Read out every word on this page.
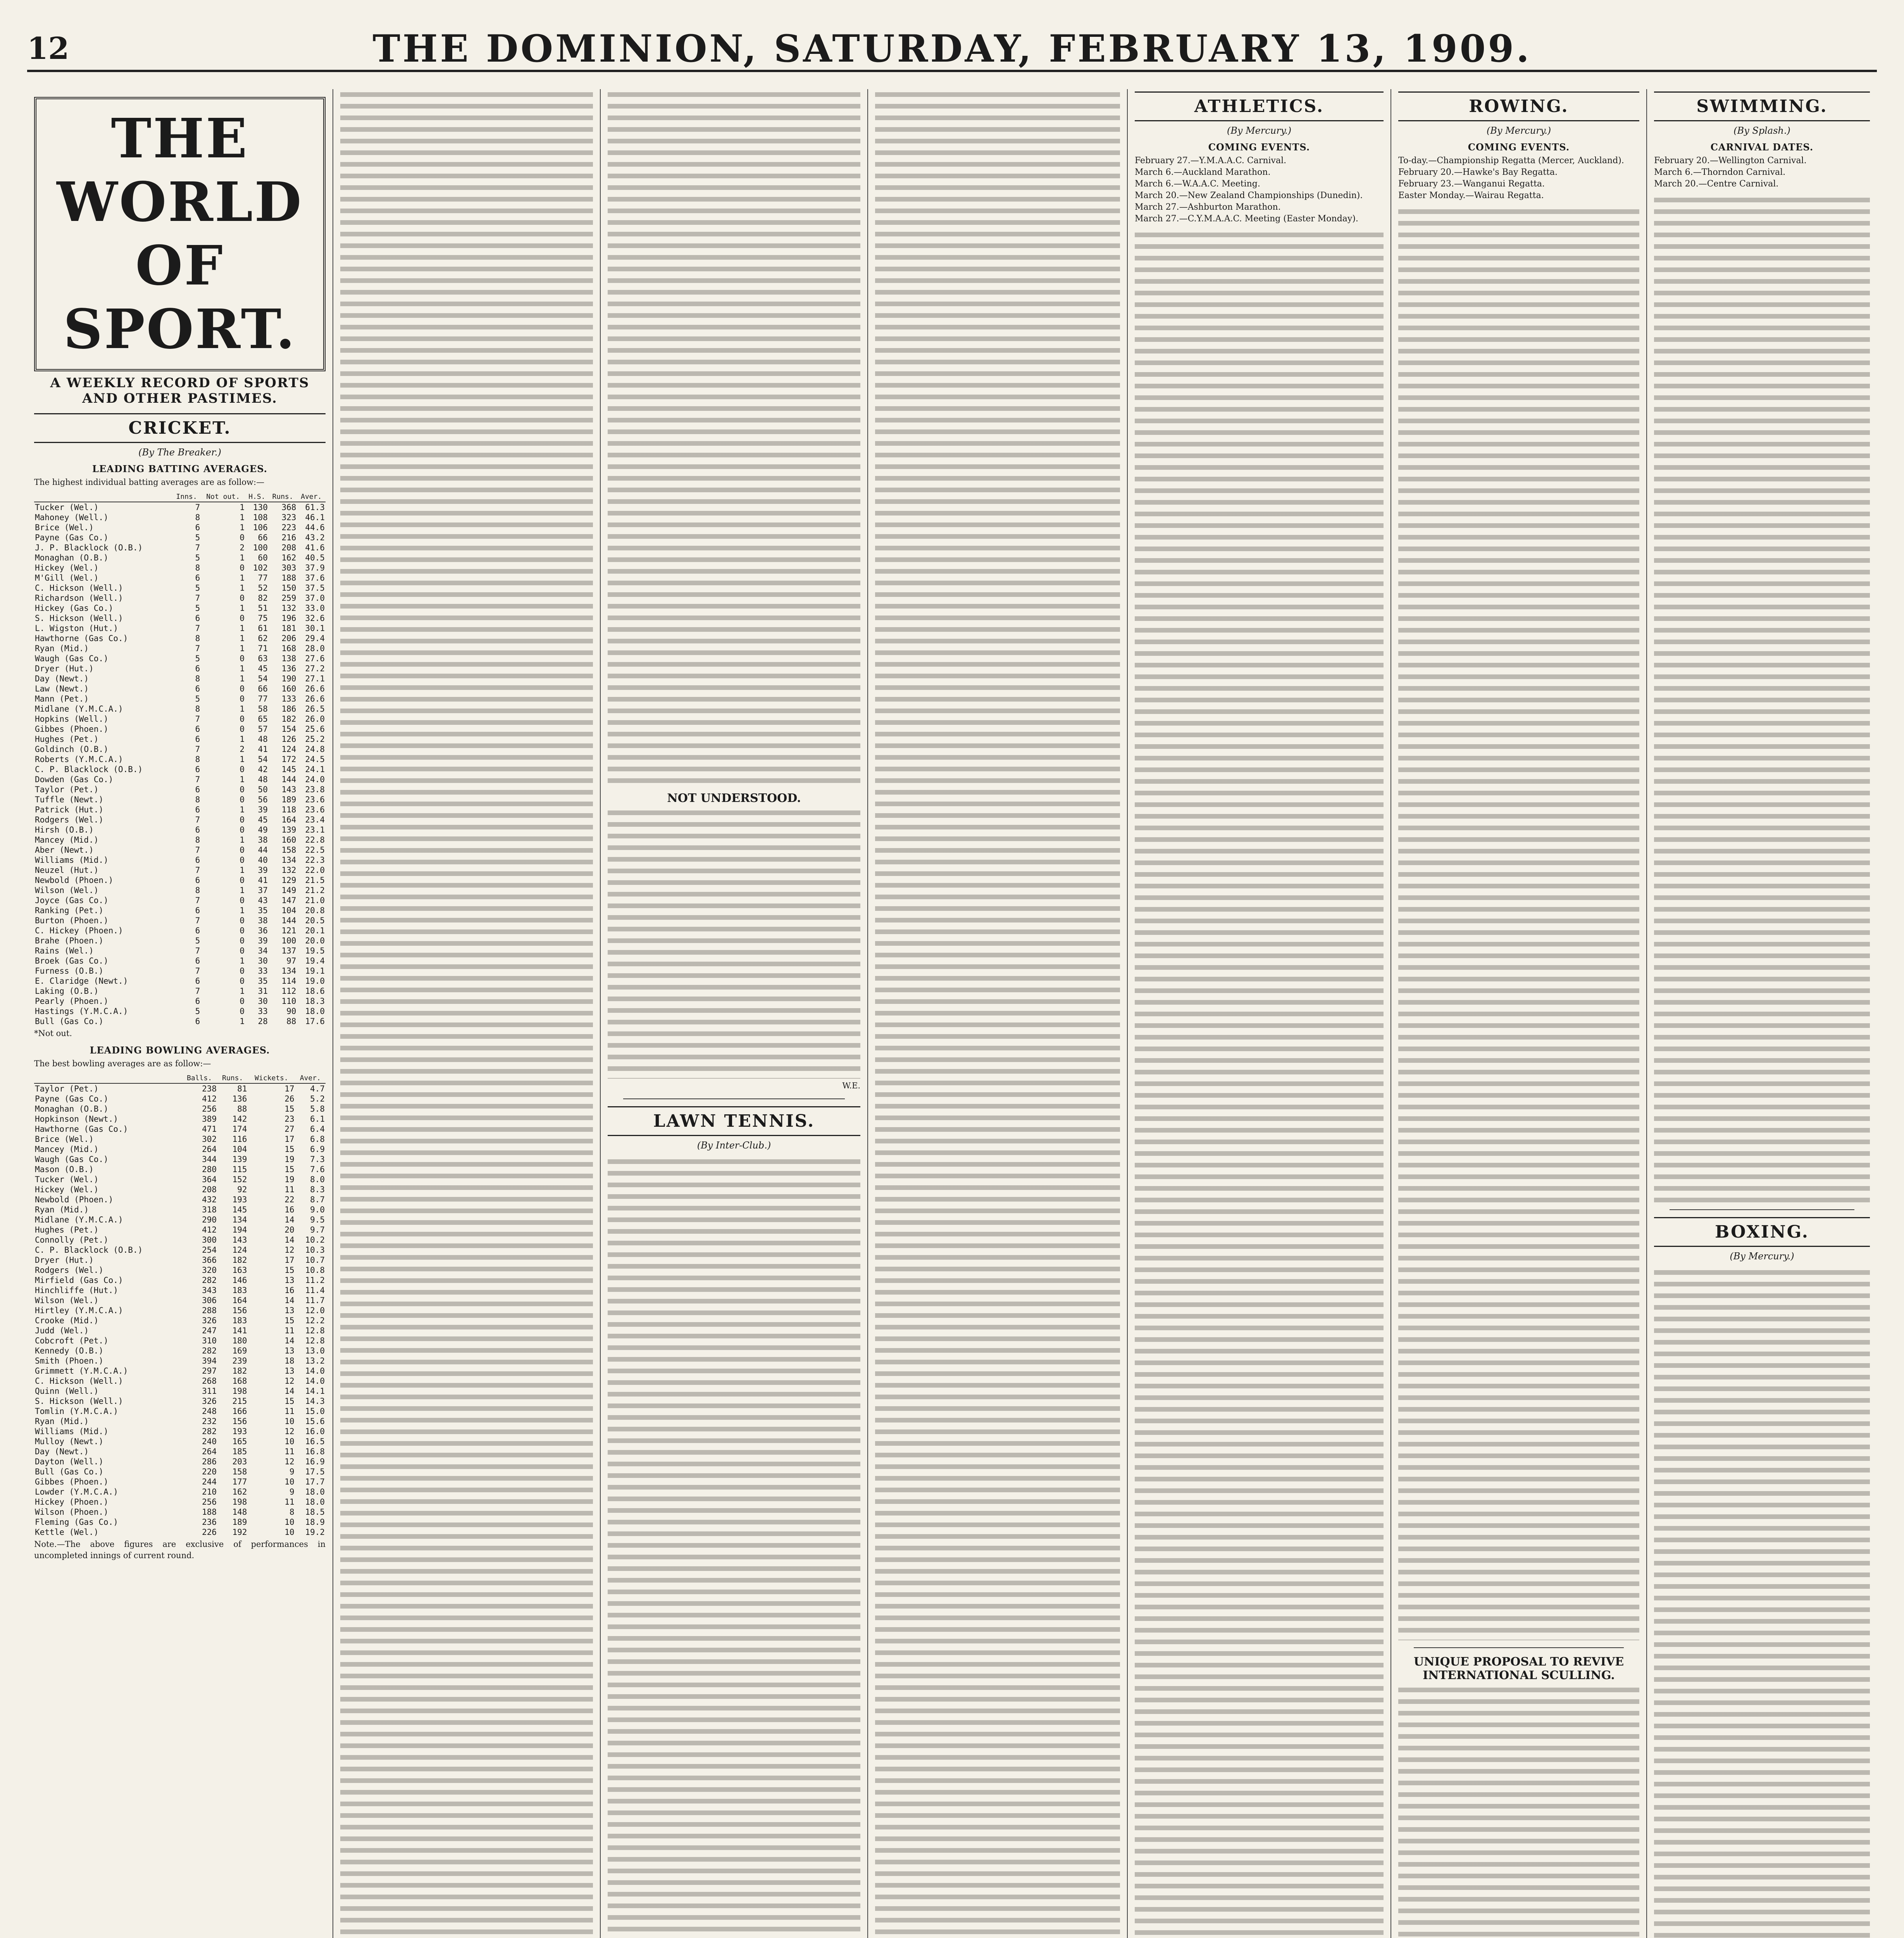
12	THE DOMINION, SATURDAY, FEBRUARY 13, 1909.
THE WORLD OF SPORT.
A WEEKLY RECORD OF SPORTS AND OTHER PASTIMES.
CRICKET.
(By The Breaker.)
LEADING BATTING AVERAGES.
The highest individual batting averages are as follow:—
	Inns.	Not out.	H.S.	Runs.	Aver.
Tucker (Wel.)	7	1	130	368	61.3
Mahoney (Well.)	8	1	108	323	46.1
Brice (Wel.)	6	1	106	223	44.6
Payne (Gas Co.)	5	0	66	216	43.2
J. P. Blacklock (O.B.)	7	2	100	208	41.6
Monaghan (O.B.)	5	1	60	162	40.5
Hickey (Wel.)	8	0	102	303	37.9
M'Gill (Wel.)	6	1	77	188	37.6
C. Hickson (Well.)	5	1	52	150	37.5
Richardson (Well.)	7	0	82	259	37.0
Hickey (Gas Co.)	5	1	51	132	33.0
S. Hickson (Well.)	6	0	75	196	32.6
L. Wigston (Hut.)	7	1	61	181	30.1
Hawthorne (Gas Co.)	8	1	62	206	29.4
Ryan (Mid.)	7	1	71	168	28.0
Waugh (Gas Co.)	5	0	63	138	27.6
Dryer (Hut.)	6	1	45	136	27.2
Day (Newt.)	8	1	54	190	27.1
Law (Newt.)	6	0	66	160	26.6
Mann (Pet.)	5	0	77	133	26.6
Midlane (Y.M.C.A.)	8	1	58	186	26.5
Hopkins (Well.)	7	0	65	182	26.0
Gibbes (Phoen.)	6	0	57	154	25.6
Hughes (Pet.)	6	1	48	126	25.2
Goldinch (O.B.)	7	2	41	124	24.8
Roberts (Y.M.C.A.)	8	1	54	172	24.5
C. P. Blacklock (O.B.)	6	0	42	145	24.1
Dowden (Gas Co.)	7	1	48	144	24.0
Taylor (Pet.)	6	0	50	143	23.8
Tuffle (Newt.)	8	0	56	189	23.6
Patrick (Hut.)	6	1	39	118	23.6
Rodgers (Wel.)	7	0	45	164	23.4
Hirsh (O.B.)	6	0	49	139	23.1
Mancey (Mid.)	8	1	38	160	22.8
Aber (Newt.)	7	0	44	158	22.5
Williams (Mid.)	6	0	40	134	22.3
Neuzel (Hut.)	7	1	39	132	22.0
Newbold (Phoen.)	6	0	41	129	21.5
Wilson (Wel.)	8	1	37	149	21.2
Joyce (Gas Co.)	7	0	43	147	21.0
Ranking (Pet.)	6	1	35	104	20.8
Burton (Phoen.)	7	0	38	144	20.5
C. Hickey (Phoen.)	6	0	36	121	20.1
Brahe (Phoen.)	5	0	39	100	20.0
Rains (Wel.)	7	0	34	137	19.5
Broek (Gas Co.)	6	1	30	97	19.4
Furness (O.B.)	7	0	33	134	19.1
E. Claridge (Newt.)	6	0	35	114	19.0
Laking (O.B.)	7	1	31	112	18.6
Pearly (Phoen.)	6	0	30	110	18.3
Hastings (Y.M.C.A.)	5	0	33	90	18.0
Bull (Gas Co.)	6	1	28	88	17.6
*Not out.
LEADING BOWLING AVERAGES.
The best bowling averages are as follow:—
	Balls.	Runs.	Wickets.	Aver.
Taylor (Pet.)	238	81	17	4.7
Payne (Gas Co.)	412	136	26	5.2
Monaghan (O.B.)	256	88	15	5.8
Hopkinson (Newt.)	389	142	23	6.1
Hawthorne (Gas Co.)	471	174	27	6.4
Brice (Wel.)	302	116	17	6.8
Mancey (Mid.)	264	104	15	6.9
Waugh (Gas Co.)	344	139	19	7.3
Mason (O.B.)	280	115	15	7.6
Tucker (Wel.)	364	152	19	8.0
Hickey (Wel.)	208	92	11	8.3
Newbold (Phoen.)	432	193	22	8.7
Ryan (Mid.)	318	145	16	9.0
Midlane (Y.M.C.A.)	290	134	14	9.5
Hughes (Pet.)	412	194	20	9.7
Connolly (Pet.)	300	143	14	10.2
C. P. Blacklock (O.B.)	254	124	12	10.3
Dryer (Hut.)	366	182	17	10.7
Rodgers (Wel.)	320	163	15	10.8
Mirfield (Gas Co.)	282	146	13	11.2
Hinchliffe (Hut.)	343	183	16	11.4
Wilson (Wel.)	306	164	14	11.7
Hirtley (Y.M.C.A.)	288	156	13	12.0
Crooke (Mid.)	326	183	15	12.2
Judd (Wel.)	247	141	11	12.8
Cobcroft (Pet.)	310	180	14	12.8
Kennedy (O.B.)	282	169	13	13.0
Smith (Phoen.)	394	239	18	13.2
Grimmett (Y.M.C.A.)	297	182	13	14.0
C. Hickson (Well.)	268	168	12	14.0
Quinn (Well.)	311	198	14	14.1
S. Hickson (Well.)	326	215	15	14.3
Tomlin (Y.M.C.A.)	248	166	11	15.0
Ryan (Mid.)	232	156	10	15.6
Williams (Mid.)	282	193	12	16.0
Mulloy (Newt.)	240	165	10	16.5
Day (Newt.)	264	185	11	16.8
Dayton (Well.)	286	203	12	16.9
Bull (Gas Co.)	220	158	9	17.5
Gibbes (Phoen.)	244	177	10	17.7
Lowder (Y.M.C.A.)	210	162	9	18.0
Hickey (Phoen.)	256	198	11	18.0
Wilson (Phoen.)	188	148	8	18.5
Fleming (Gas Co.)	236	189	10	18.9
Kettle (Wel.)	226	192	10	19.2
Note.—The above figures are exclusive of performances in uncompleted innings of current round.
NOT UNDERSTOOD.
W.E.
LAWN TENNIS.
(By Inter-Club.)
ATHLETICS.
(By Mercury.)
COMING EVENTS.
February 27.—Y.M.A.A.C. Carnival.
March 6.—Auckland Marathon.
March 6.—W.A.A.C. Meeting.
March 20.—New Zealand Championships (Dunedin).
March 27.—Ashburton Marathon.
March 27.—C.Y.M.A.A.C. Meeting (Easter Monday).
ROWING.
(By Mercury.)
COMING EVENTS.
To-day.—Championship Regatta (Mercer, Auckland).
February 20.—Hawke's Bay Regatta.
February 23.—Wanganui Regatta.
Easter Monday.—Wairau Regatta.
UNIQUE PROPOSAL TO REVIVE INTERNATIONAL SCULLING.
SWIMMING.
(By Splash.)
CARNIVAL DATES.
February 20.—Wellington Carnival.
March 6.—Thorndon Carnival.
March 20.—Centre Carnival.
BOXING.
(By Mercury.)
